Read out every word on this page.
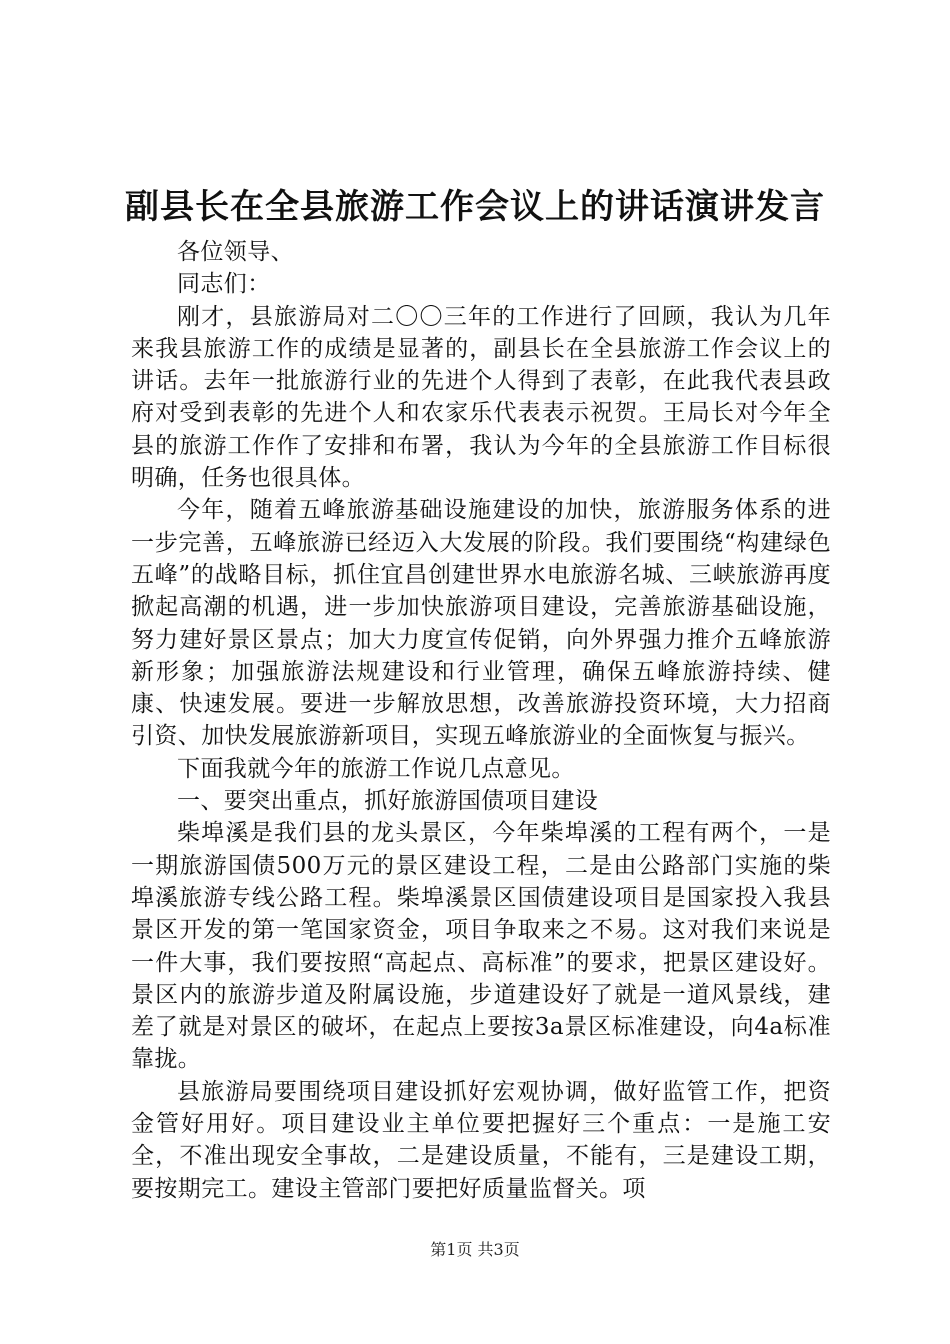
副县长在全县旅游工作会议上的讲话演讲发言

各位领导、

同志们：

刚才，县旅游局对二〇〇三年的工作进行了回顾，我认为几年来我县旅游工作的成绩是显著的，副县长在全县旅游工作会议上的讲话。去年一批旅游行业的先进个人得到了表彰，在此我代表县政府对受到表彰的先进个人和农家乐代表表示祝贺。王局长对今年全县的旅游工作作了安排和布署，我认为今年的全县旅游工作目标很明确，任务也很具体。

今年，随着五峰旅游基础设施建设的加快，旅游服务体系的进一步完善，五峰旅游已经迈入大发展的阶段。我们要围绕“构建绿色五峰”的战略目标，抓住宜昌创建世界水电旅游名城、三峡旅游再度掀起高潮的机遇，进一步加快旅游项目建设，完善旅游基础设施，努力建好景区景点；加大力度宣传促销，向外界强力推介五峰旅游新形象；加强旅游法规建设和行业管理，确保五峰旅游持续、健康、快速发展。要进一步解放思想，改善旅游投资环境，大力招商引资、加快发展旅游新项目，实现五峰旅游业的全面恢复与振兴。

下面我就今年的旅游工作说几点意见。

一、要突出重点，抓好旅游国债项目建设

柴埠溪是我们县的龙头景区，今年柴埠溪的工程有两个，一是一期旅游国债500万元的景区建设工程，二是由公路部门实施的柴埠溪旅游专线公路工程。柴埠溪景区国债建设项目是国家投入我县景区开发的第一笔国家资金，项目争取来之不易。这对我们来说是一件大事，我们要按照“高起点、高标准”的要求，把景区建设好。景区内的旅游步道及附属设施，步道建设好了就是一道风景线，建差了就是对景区的破坏，在起点上要按3a景区标准建设，向4a标准靠拢。

县旅游局要围绕项目建设抓好宏观协调，做好监管工作，把资金管好用好。项目建设业主单位要把握好三个重点：一是施工安全，不准出现安全事故，二是建设质量，不能有，三是建设工期，要按期完工。建设主管部门要把好质量监督关。项

第1页 共3页
